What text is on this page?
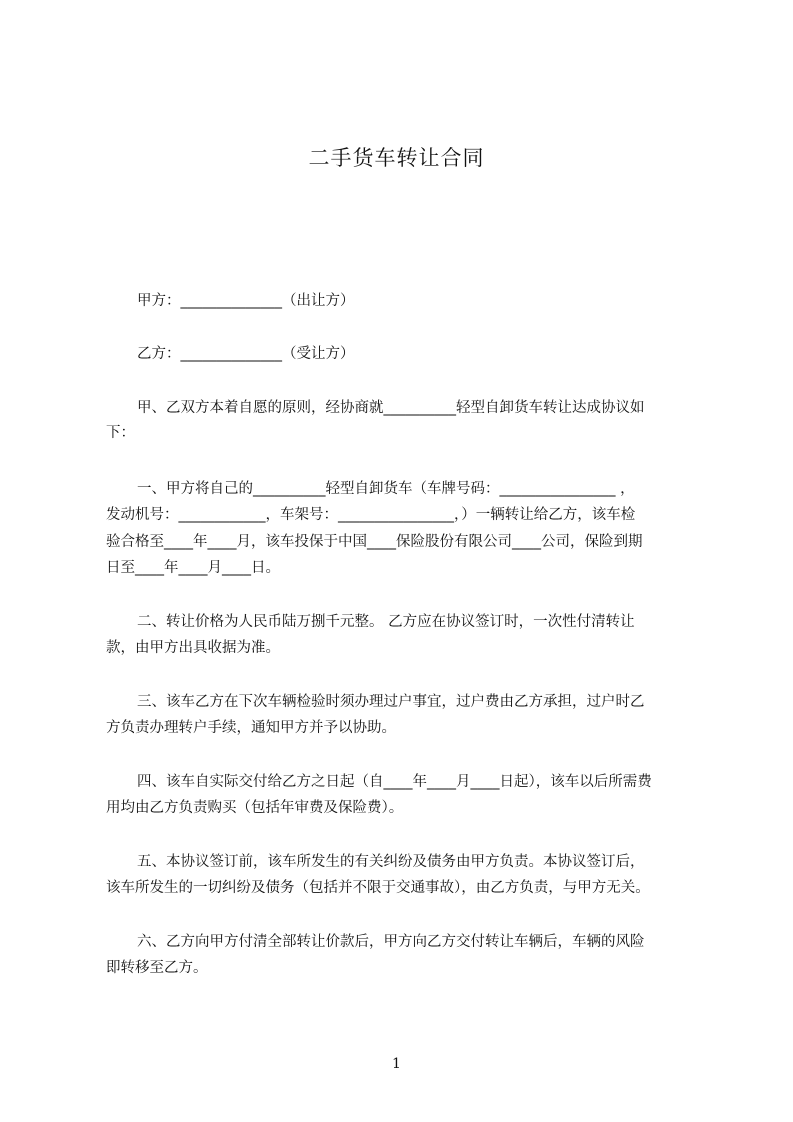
二手货车转让合同
甲方：______________（出让方）
乙方：______________（受让方）
甲、乙双方本着自愿的原则，经协商就__________轻型自卸货车转让达成协议如
下：
一、甲方将自己的__________轻型自卸货车（车牌号码：________________ ，
发动机号：____________，车架号：________________，）一辆转让给乙方，该车检
验合格至____年____月，该车投保于中国____保险股份有限公司____公司，保险到期
日至____年____月____日。
二、转让价格为人民币陆万捌千元整。 乙方应在协议签订时，一次性付清转让
款，由甲方出具收据为准。
三、该车乙方在下次车辆检验时须办理过户事宜，过户费由乙方承担，过户时乙
方负责办理转户手续，通知甲方并予以协助。
四、该车自实际交付给乙方之日起（自____年____月____日起），该车以后所需费
用均由乙方负责购买（包括年审费及保险费）。
五、本协议签订前，该车所发生的有关纠纷及债务由甲方负责。本协议签订后，
该车所发生的一切纠纷及债务（包括并不限于交通事故），由乙方负责，与甲方无关。
六、乙方向甲方付清全部转让价款后，甲方向乙方交付转让车辆后，车辆的风险
即转移至乙方。
1
